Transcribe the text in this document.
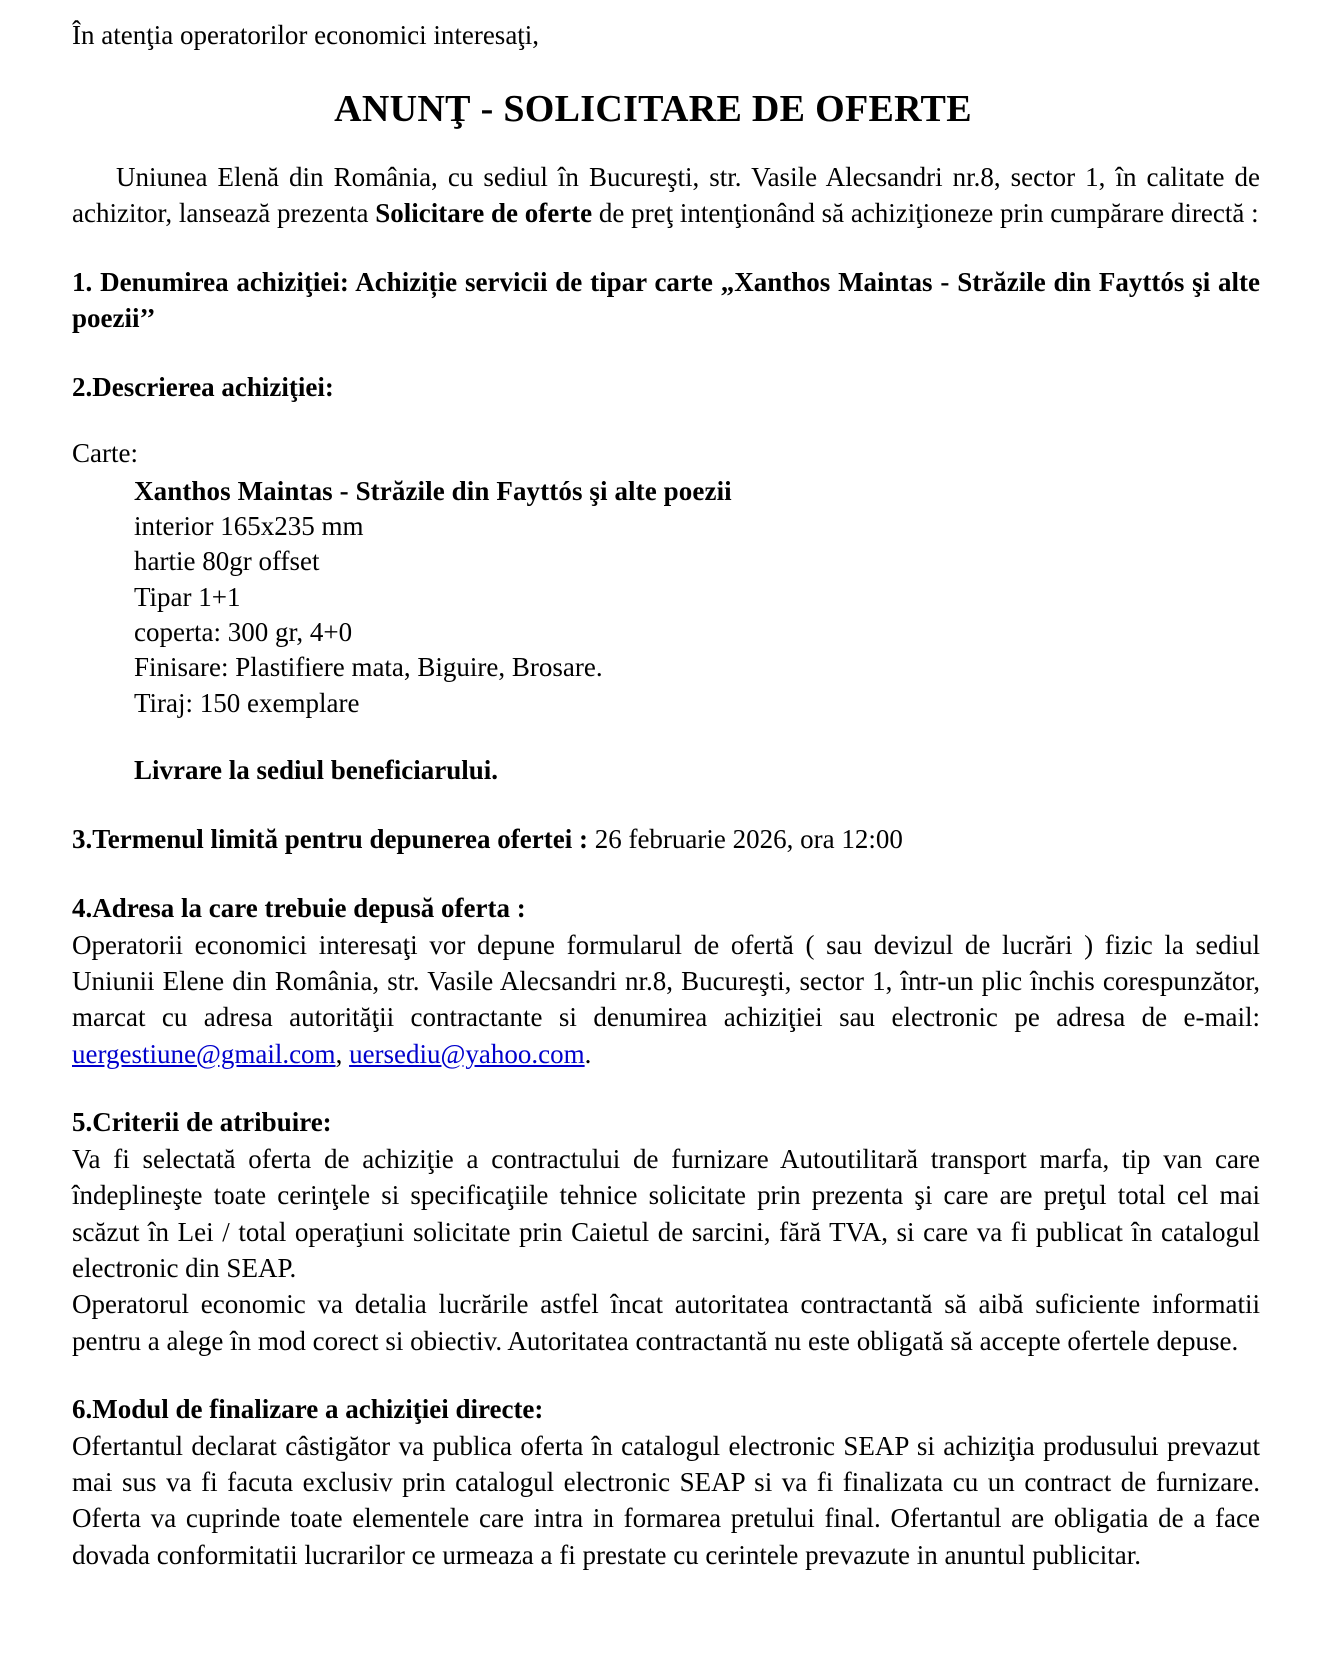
În atenţia operatorilor economici interesaţi,

ANUNŢ - SOLICITARE DE OFERTE

Uniunea Elenă din România, cu sediul în Bucureşti, str. Vasile Alecsandri nr.8, sector 1, în calitate de achizitor, lansează prezenta Solicitare de oferte de preţ intenţionând să achiziţioneze prin cumpărare directă :

1. Denumirea achiziţiei: Achiziție servicii de tipar carte „Xanthos Maintas - Străzile din Fayttós şi alte poezii’’

2.Descrierea achiziţiei:

Carte:

Xanthos Maintas - Străzile din Fayttós şi alte poezii

interior 165x235 mm

hartie 80gr offset

Tipar 1+1

coperta: 300 gr, 4+0

Finisare: Plastifiere mata, Biguire, Brosare.

Tiraj: 150 exemplare

Livrare la sediul beneficiarului.

3.Termenul limită pentru depunerea ofertei : 26 februarie 2026, ora 12:00

4.Adresa la care trebuie depusă oferta :

Operatorii economici interesaţi vor depune formularul de ofertă ( sau devizul de lucrări ) fizic la sediul Uniunii Elene din România, str. Vasile Alecsandri nr.8, Bucureşti, sector 1, într-un plic închis corespunzător, marcat cu adresa autorităţii contractante si denumirea achiziţiei sau electronic pe adresa de e-mail: uergestiune@gmail.com, uersediu@yahoo.com.

5.Criterii de atribuire:

Va fi selectată oferta de achiziţie a contractului de furnizare Autoutilitară transport marfa, tip van care îndeplineşte toate cerinţele si specificaţiile tehnice solicitate prin prezenta şi care are preţul total cel mai scăzut în Lei / total operaţiuni solicitate prin Caietul de sarcini, fără TVA, si care va fi publicat în catalogul electronic din SEAP.

Operatorul economic va detalia lucrările astfel încat autoritatea contractantă să aibă suficiente informatii pentru a alege în mod corect si obiectiv. Autoritatea contractantă nu este obligată să accepte ofertele depuse.

6.Modul de finalizare a achiziţiei directe:

Ofertantul declarat câstigător va publica oferta în catalogul electronic SEAP si achiziţia produsului prevazut mai sus va fi facuta exclusiv prin catalogul electronic SEAP si va fi finalizata cu un contract de furnizare. Oferta va cuprinde toate elementele care intra in formarea pretului final. Ofertantul are obligatia de a face dovada conformitatii lucrarilor ce urmeaza a fi prestate cu cerintele prevazute in anuntul publicitar.
